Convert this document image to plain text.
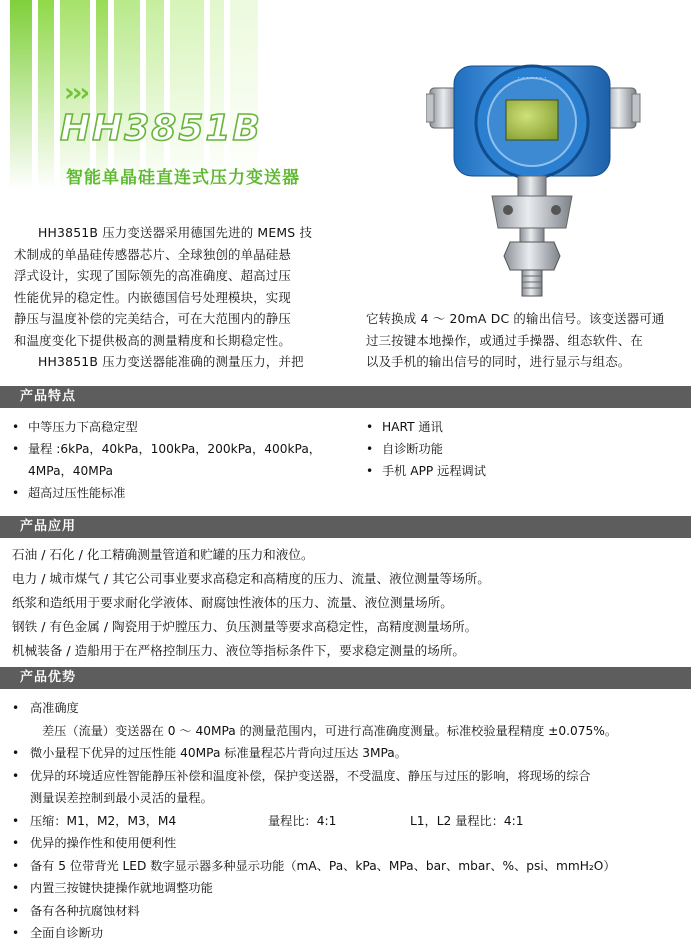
›››
HH3851B
智能单晶硅直连式压力变送器
· · · · · · ·

HH3851B 压力变送器采用德国先进的 MEMS 技

术制成的单晶硅传感器芯片、全球独创的单晶硅悬

浮式设计，实现了国际领先的高准确度、超高过压

性能优异的稳定性。内嵌德国信号处理模块，实现

静压与温度补偿的完美结合，可在大范围内的静压

和温度变化下提供极高的测量精度和长期稳定性。

HH3851B 压力变送器能准确的测量压力，并把

它转换成 4 ～ 20mA DC 的输出信号。该变送器可通

过三按键本地操作，或通过手操器、组态软件、在

以及手机的输出信号的同时，进行显示与组态。

产品特点
• 中等压力下高稳定型
• 量程 :6kPa，40kPa，100kPa，200kPa，400kPa，
4MPa，40MPa
• 超高过压性能标准
• HART 通讯
• 自诊断功能
• 手机 APP 远程调试
产品应用
石油 / 石化 / 化工精确测量管道和贮罐的压力和液位。
电力 / 城市煤气 / 其它公司事业要求高稳定和高精度的压力、流量、液位测量等场所。
纸浆和造纸用于要求耐化学液体、耐腐蚀性液体的压力、流量、液位测量场所。
钢铁 / 有色金属 / 陶瓷用于炉膛压力、负压测量等要求高稳定性，高精度测量场所。
机械装备 / 造船用于在严格控制压力、液位等指标条件下，要求稳定测量的场所。
产品优势
• 高准确度
差压（流量）变送器在 0 ～ 40MPa 的测量范围内，可进行高准确度测量。标准校验量程精度 ±0.075%。
• 微小量程下优异的过压性能 40MPa 标准量程芯片背向过压达 3MPa。
• 优异的环境适应性智能静压补偿和温度补偿，保护变送器，不受温度、静压与过压的影响，将现场的综合
测量误差控制到最小灵活的量程。
• 压缩：M1，M2，M3，M4	量程比：4:1	L1，L2 量程比：4:1
• 优异的操作性和使用便利性
• 备有 5 位带背光 LED 数字显示器多种显示功能（mA、Pa、kPa、MPa、bar、mbar、%、psi、mmH₂O）
• 内置三按键快捷操作就地调整功能
• 备有各种抗腐蚀材料
• 全面自诊断功
